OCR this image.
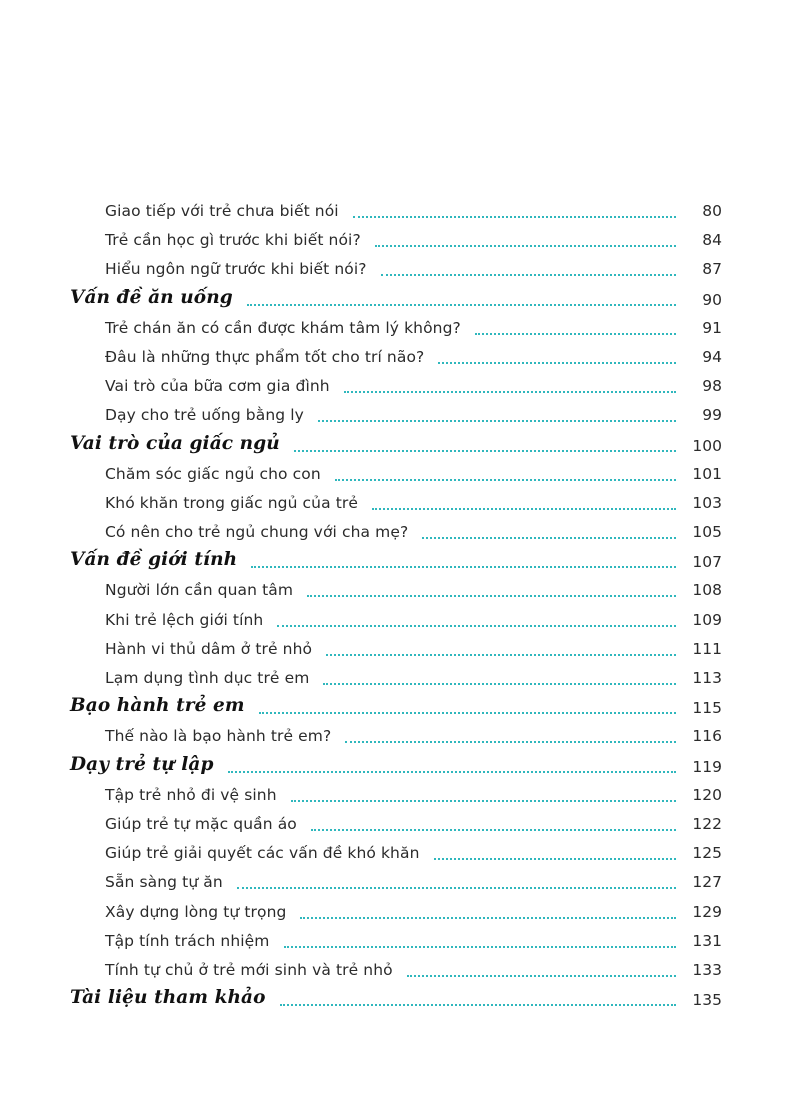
Giao tiếp với trẻ chưa biết nói	80
Trẻ cần học gì trước khi biết nói?	84
Hiểu ngôn ngữ trước khi biết nói?	87
Vấn đề ăn uống	90
Trẻ chán ăn có cần được khám tâm lý không?	91
Đâu là những thực phẩm tốt cho trí não?	94
Vai trò của bữa cơm gia đình	98
Dạy cho trẻ uống bằng ly	99
Vai trò của giấc ngủ	100
Chăm sóc giấc ngủ cho con	101
Khó khăn trong giấc ngủ của trẻ	103
Có nên cho trẻ ngủ chung với cha mẹ?	105
Vấn đề giới tính	107
Người lớn cần quan tâm	108
Khi trẻ lệch giới tính	109
Hành vi thủ dâm ở trẻ nhỏ	111
Lạm dụng tình dục trẻ em	113
Bạo hành trẻ em	115
Thế nào là bạo hành trẻ em?	116
Dạy trẻ tự lập	119
Tập trẻ nhỏ đi vệ sinh	120
Giúp trẻ tự mặc quần áo	122
Giúp trẻ giải quyết các vấn đề khó khăn	125
Sẵn sàng tự ăn	127
Xây dựng lòng tự trọng	129
Tập tính trách nhiệm	131
Tính tự chủ ở trẻ mới sinh và trẻ nhỏ	133
Tài liệu tham khảo	135
